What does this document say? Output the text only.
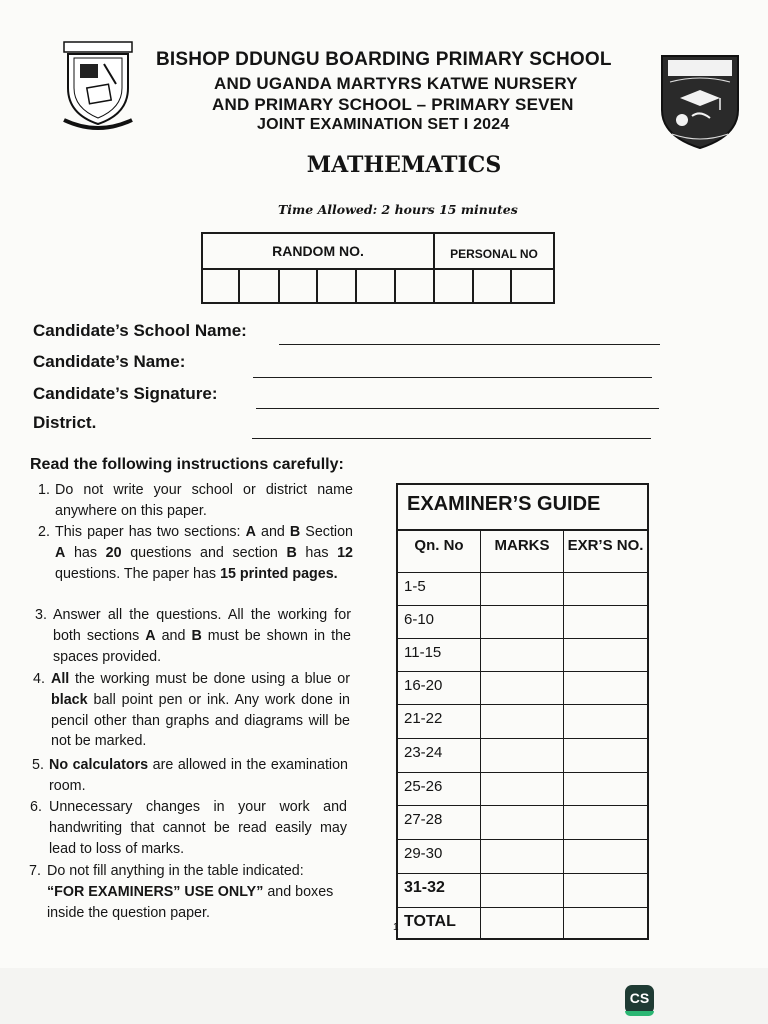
BISHOP DDUNGU BOARDING PRIMARY SCHOOL
AND UGANDA MARTYRS KATWE NURSERY
AND PRIMARY SCHOOL – PRIMARY SEVEN
JOINT EXAMINATION SET I 2024
MATHEMATICS
Time Allowed: 2 hours 15 minutes
RANDOM NO.	PERSONAL NO
Candidate’s School Name:
Candidate’s Name:
Candidate’s Signature:
District.
Read the following instructions carefully:
1. Do not write your school or district name anywhere on this paper.
2. This paper has two sections: A and B Section A has 20 questions and section B has 12 questions. The paper has 15 printed pages.
3. Answer all the questions. All the working for both sections A and B must be shown in the spaces provided.
4. All the working must be done using a blue or black ball point pen or ink. Any work done in pencil other than graphs and diagrams will be not be marked.
5. No calculators are allowed in the examination room.
6. Unnecessary changes in your work and handwriting that cannot be read easily may lead to loss of marks.
7. Do not fill anything in the table indicated: “FOR EXAMINERS” USE ONLY” and boxes inside the question paper.
EXAMINER’S GUIDE
Qn. No	MARKS	EXR’S NO.
1-5
6-10
11-15
16-20
21-22
23-24
25-26
27-28
29-30
31-32
TOTAL
1
CS
